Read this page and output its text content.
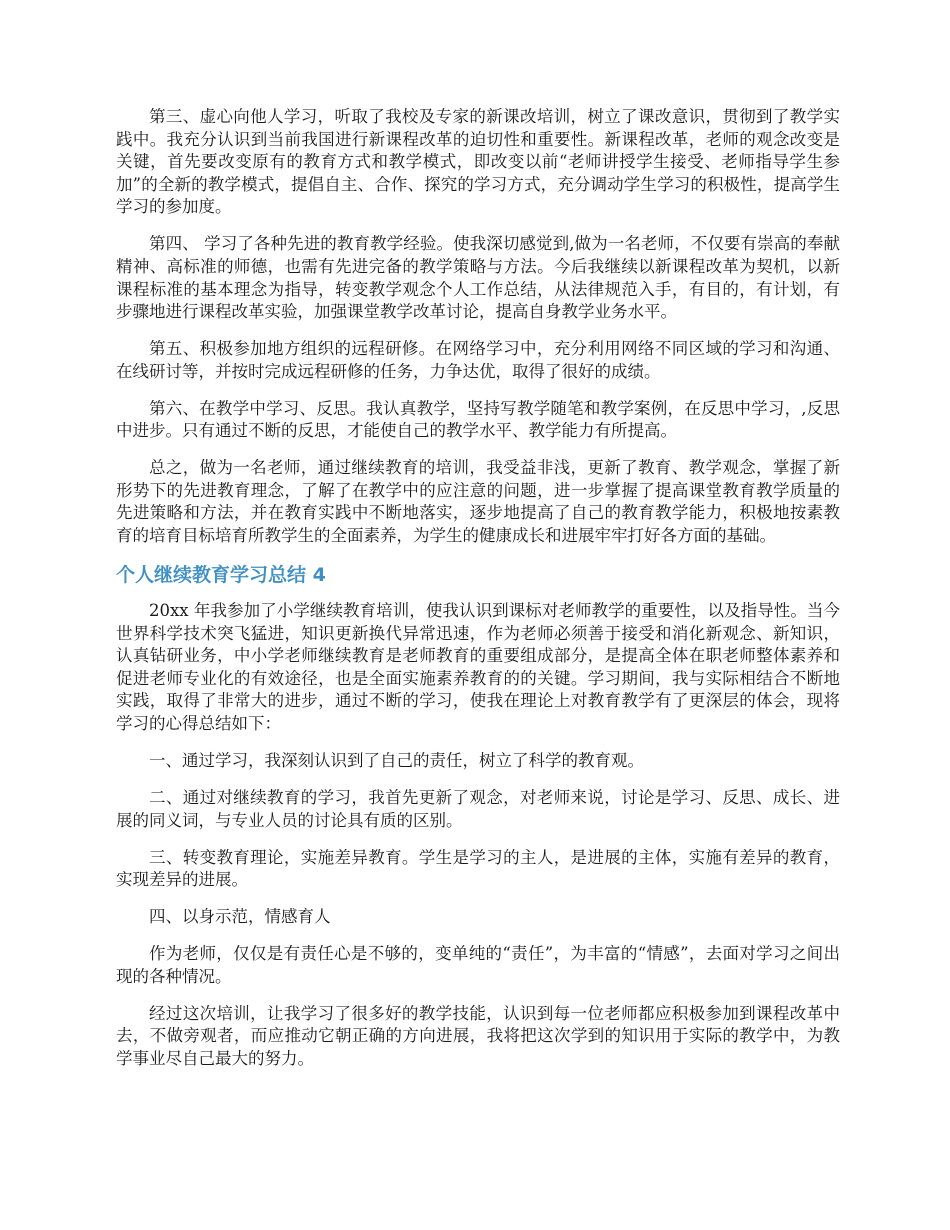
第三、虚心向他人学习，听取了我校及专家的新课改培训，树立了课改意识，贯彻到了教学实践中。我充分认识到当前我国进行新课程改革的迫切性和重要性。新课程改革，老师的观念改变是关键，首先要改变原有的教育方式和教学模式，即改变以前“老师讲授学生接受、老师指导学生参加”的全新的教学模式，提倡自主、合作、探究的学习方式，充分调动学生学习的积极性，提高学生学习的参加度。

第四、 学习了各种先进的教育教学经验。使我深切感觉到,做为一名老师，不仅要有崇高的奉献精神、高标准的师德，也需有先进完备的教学策略与方法。今后我继续以新课程改革为契机，以新课程标准的基本理念为指导，转变教学观念个人工作总结，从法律规范入手，有目的，有计划，有步骤地进行课程改革实验，加强课堂教学改革讨论，提高自身教学业务水平。

第五、积极参加地方组织的远程研修。在网络学习中，充分利用网络不同区域的学习和沟通、在线研讨等，并按时完成远程研修的任务，力争达优，取得了很好的成绩。

第六、在教学中学习、反思。我认真教学，坚持写教学随笔和教学案例，在反思中学习，,反思中进步。只有通过不断的反思，才能使自己的教学水平、教学能力有所提高。

总之，做为一名老师，通过继续教育的培训，我受益非浅，更新了教育、教学观念，掌握了新形势下的先进教育理念，了解了在教学中的应注意的问题，进一步掌握了提高课堂教育教学质量的先进策略和方法，并在教育实践中不断地落实，逐步地提高了自己的教育教学能力，积极地按素教育的培育目标培育所教学生的全面素养，为学生的健康成长和进展牢牢打好各方面的基础。

个人继续教育学习总结 4

20xx 年我参加了小学继续教育培训，使我认识到课标对老师教学的重要性，以及指导性。当今世界科学技术突飞猛进，知识更新换代异常迅速，作为老师必须善于接受和消化新观念、新知识，认真钻研业务，中小学老师继续教育是老师教育的重要组成部分，是提高全体在职老师整体素养和促进老师专业化的有效途径，也是全面实施素养教育的的关键。学习期间，我与实际相结合不断地实践，取得了非常大的进步，通过不断的学习，使我在理论上对教育教学有了更深层的体会，现将学习的心得总结如下：

一、通过学习，我深刻认识到了自己的责任，树立了科学的教育观。

二、通过对继续教育的学习，我首先更新了观念，对老师来说，讨论是学习、反思、成长、进展的同义词，与专业人员的讨论具有质的区别。

三、转变教育理论，实施差异教育。学生是学习的主人，是进展的主体，实施有差异的教育，实现差异的进展。

四、以身示范，情感育人

作为老师，仅仅是有责任心是不够的，变单纯的“责任”，为丰富的“情感”，去面对学习之间出现的各种情况。

经过这次培训，让我学习了很多好的教学技能，认识到每一位老师都应积极参加到课程改革中去，不做旁观者，而应推动它朝正确的方向进展，我将把这次学到的知识用于实际的教学中，为教学事业尽自己最大的努力。
